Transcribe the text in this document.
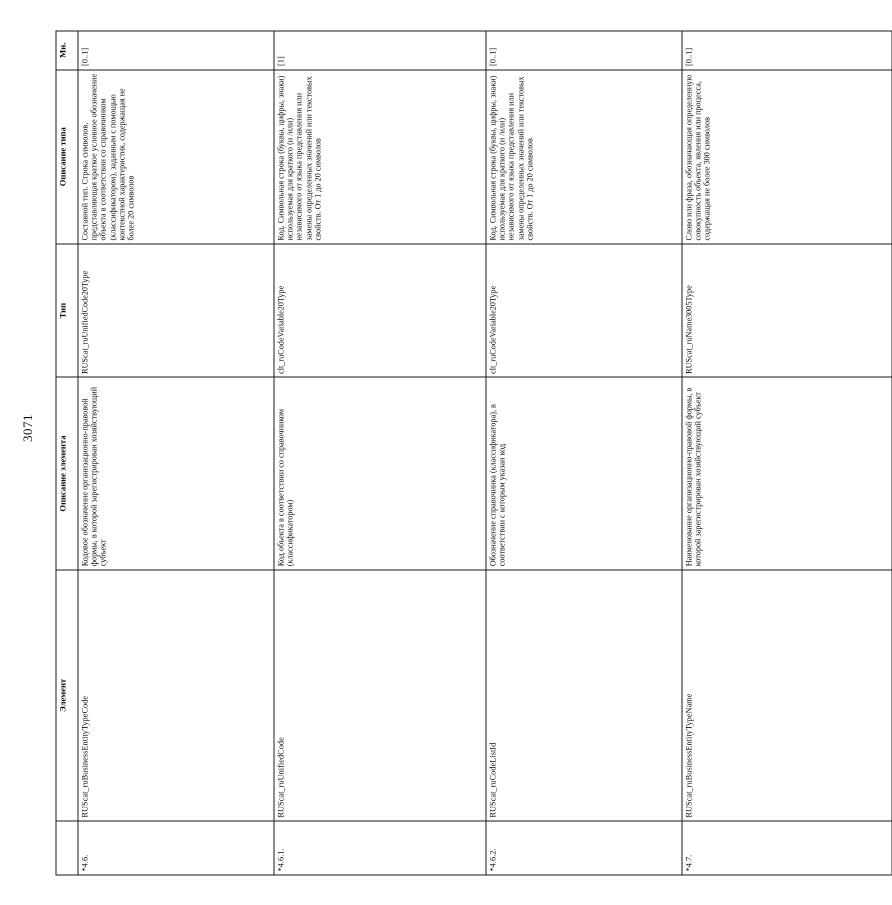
3071
	Элемент	Описание элемента	Тип	Описание типа	Мн.
*4.6.	RUScat_ruBusinessEntityTypeCode	Кодовое обозначение организационно-правовой формы, в которой зарегистрирован хозяйствующий субъект	RUScat_ruUnifiedCode20Type	Составной тип. Строка символов, представляющая краткое условное обозначение объекта в соответствии со справочником (классификатором), заданным с помощью контекстной характеристик, содержащая не более 20 символов	[0..1]
*4.6.1.	RUScat_ruUnifiedCode	Код объекта в соответствии со справочником (классификатором)	clt_ruCodeVariable20Type	Код. Символьная строка (буквы, цифры, знаки) используемая для краткого (и /или) независимого от языка представления или замены определенных значений или текстовых свойств. От 1 до 20 символов	[1]
*4.6.2.	RUScat_ruCodeListId	Обозначение справочника (классификатора), в соответствии с которым указан код	clt_ruCodeVariable20Type	Код. Символьная строка (буквы, цифры, знаки) используемая для краткого (и /или) независимого от языка представления или замены определенных значений или текстовых свойств. От 1 до 20 символов	[0..1]
*4.7.	RUScat_ruBusinessEntityTypeName	Наименование организационно-правовой формы, в которой зарегистрирован хозяйствующий субъект	RUScat_ruName3005Type	Слово или фраза, обозначающая определенную совокупность объекта, явления или процесса, содержащая не более 300 символов	[0..1]
